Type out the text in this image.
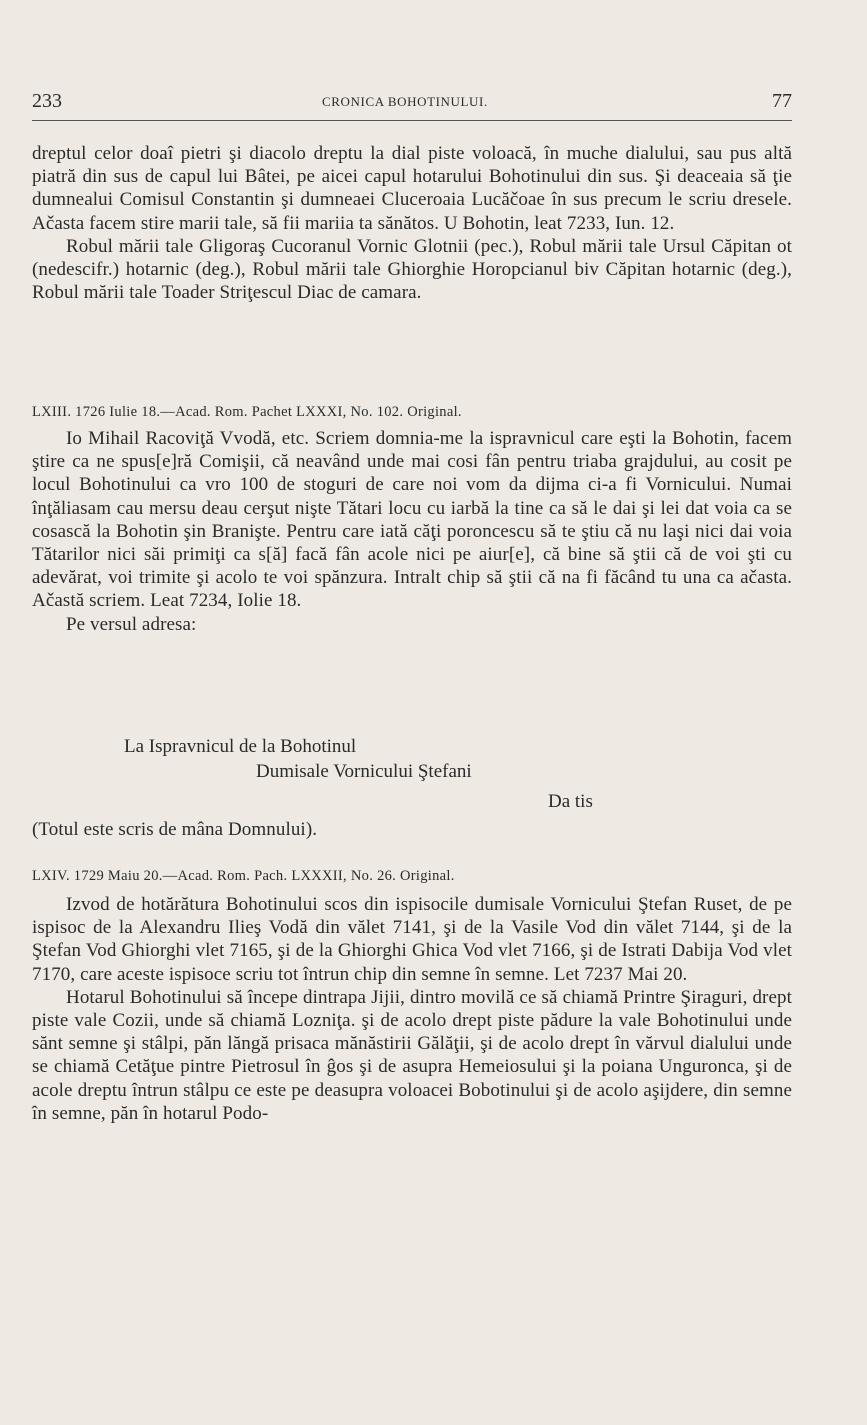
233	CRONICA BOHOTINULUI.	77

dreptul celor doaî pietri şi diacolo dreptu la dial piste voloacă, în muche dialului, sau pus altă piatră din sus de capul lui Bâtei, pe aicei capul hotarului Bohotinului din sus. Şi deaceaia să ţie dumnealui Comisul Constantin şi dumneaei Cluceroaia Lucăčoae în sus precum le scriu dresele. Ačasta facem stire marii tale, să fii mariia ta sănătos. U Bohotin, leat 7233, Iun. 12.

Robul mării tale Gligoraş Cucoranul Vornic Glotnii (pec.), Robul mării tale Ursul Căpitan ot (nedescifr.) hotarnic (deg.), Robul mării tale Ghiorghie Horopcianul biv Căpitan hotarnic (deg.), Robul mării tale Toader Striţescul Diac de camara.

LXIII. 1726 Iulie 18.—Acad. Rom. Pachet LXXXI, No. 102. Original.

Io Mihail Racoviţă Vvodă, etc. Scriem domnia-me la ispravnicul care eşti la Bohotin, facem ştire ca ne spus[e]ră Comişii, că neavând unde mai cosi fân pentru triaba grajdului, au cosit pe locul Bohotinului ca vro 100 de stoguri de care noi vom da dijma ci-a fi Vornicului. Numai înţăliasam cau mersu deau cerşut nişte Tătari locu cu iarbă la tine ca să le dai şi lei dat voia ca se cosască la Bohotin şin Branişte. Pentru care iată căţi poroncescu să te ştiu că nu laşi nici dai voia Tătarilor nici săi primiţi ca s[ă] facă fân acole nici pe aiur[e], că bine să ştii că de voi şti cu adevărat, voi trimite şi acolo te voi spănzura. Intralt chip să ştii că na fi făcând tu una ca ačasta. Ačastă scriem. Leat 7234, Iolie 18.

Pe versul adresa:

La Ispravnicul de la Bohotinul
Dumisale Vornicului Ştefani
Da tis
(Totul este scris de mâna Domnului).
LXIV. 1729 Maiu 20.—Acad. Rom. Pach. LXXXII, No. 26. Original.

Izvod de hotărătura Bohotinului scos din ispisocile dumisale Vornicului Ştefan Ruset, de pe ispisoc de la Alexandru Ilieş Vodă din vălet 7141, şi de la Vasile Vod din vălet 7144, şi de la Ştefan Vod Ghiorghi vlet 7165, şi de la Ghiorghi Ghica Vod vlet 7166, şi de Istrati Dabija Vod vlet 7170, care aceste ispisoce scriu tot întrun chip din semne în semne. Let 7237 Mai 20.

Hotarul Bohotinului să începe dintrapa Jijii, dintro movilă ce să chiamă Printre Şiraguri, drept piste vale Cozii, unde să chiamă Lozniţa. şi de acolo drept piste pădure la vale Bohotinului unde sănt semne şi stâlpi, păn lăngă prisaca mănăstirii Gălăţii, şi de acolo drept în vărvul dialului unde se chiamă Cetăţue pintre Pietrosul în ĝos şi de asupra Hemeiosului şi la poiana Unguronca, şi de acole dreptu întrun stâlpu ce este pe deasupra voloacei Bobotinului şi de acolo aşijdere, din semne în semne, păn în hotarul Podo-
